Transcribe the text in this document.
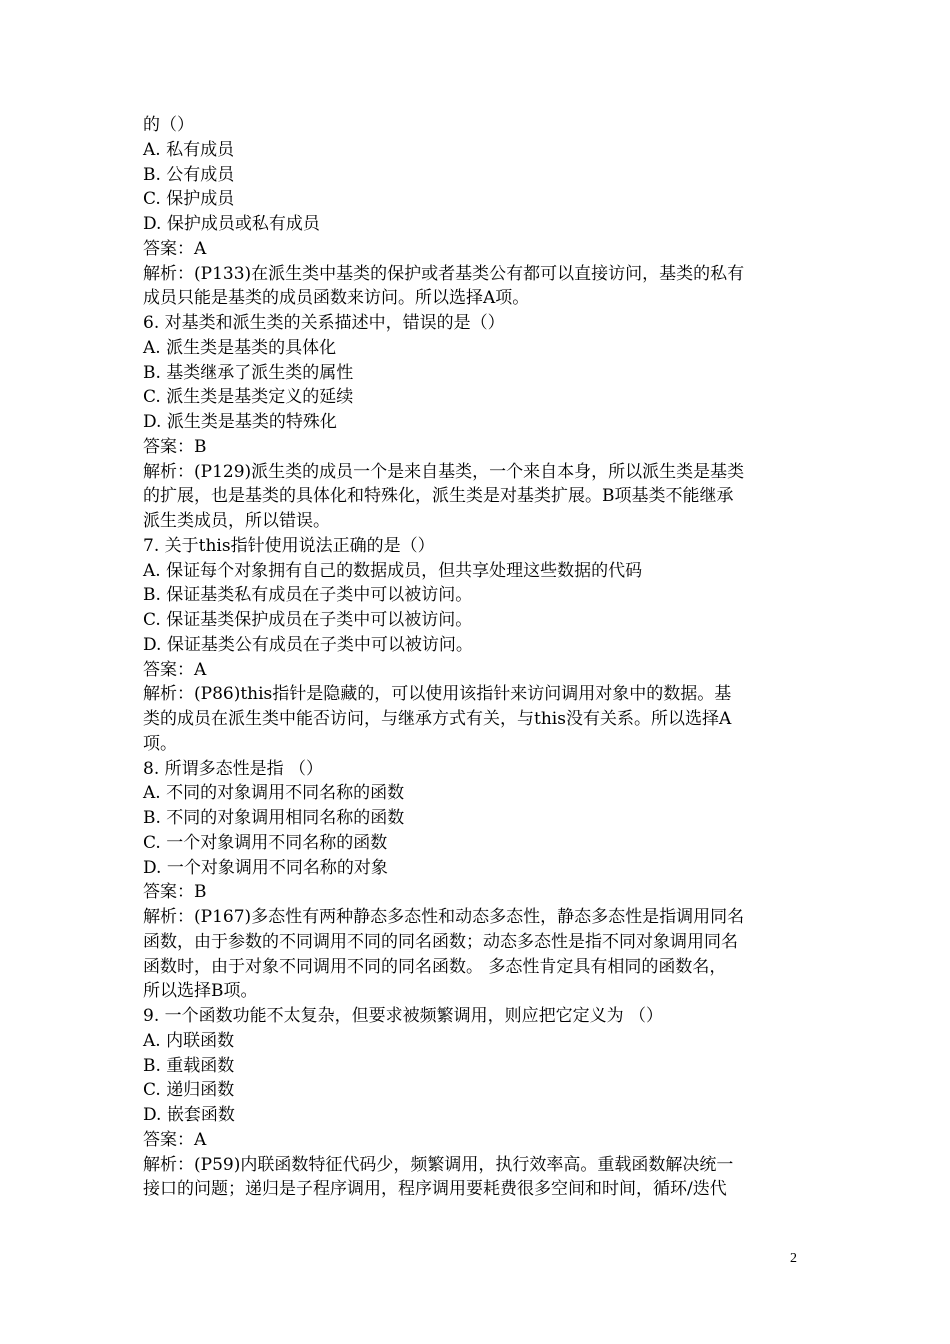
的（）
A. 私有成员
B. 公有成员
C. 保护成员
D. 保护成员或私有成员
答案：A
解析：(P133)在派生类中基类的保护或者基类公有都可以直接访问，基类的私有
成员只能是基类的成员函数来访问。所以选择A项。
6. 对基类和派生类的关系描述中，错误的是（）
A. 派生类是基类的具体化
B. 基类继承了派生类的属性
C. 派生类是基类定义的延续
D. 派生类是基类的特殊化
答案：B
解析：(P129)派生类的成员一个是来自基类，一个来自本身，所以派生类是基类
的扩展，也是基类的具体化和特殊化，派生类是对基类扩展。B项基类不能继承
派生类成员，所以错误。
7. 关于this指针使用说法正确的是（）
A. 保证每个对象拥有自己的数据成员，但共享处理这些数据的代码
B. 保证基类私有成员在子类中可以被访问。
C. 保证基类保护成员在子类中可以被访问。
D. 保证基类公有成员在子类中可以被访问。
答案：A
解析：(P86)this指针是隐藏的，可以使用该指针来访问调用对象中的数据。基
类的成员在派生类中能否访问，与继承方式有关，与this没有关系。所以选择A
项。
8. 所谓多态性是指 （）
A. 不同的对象调用不同名称的函数
B. 不同的对象调用相同名称的函数
C. 一个对象调用不同名称的函数
D. 一个对象调用不同名称的对象
答案：B
解析：(P167)多态性有两种静态多态性和动态多态性，静态多态性是指调用同名
函数，由于参数的不同调用不同的同名函数；动态多态性是指不同对象调用同名
函数时，由于对象不同调用不同的同名函数。 多态性肯定具有相同的函数名，
所以选择B项。
9. 一个函数功能不太复杂，但要求被频繁调用，则应把它定义为 （）
A. 内联函数
B. 重载函数
C. 递归函数
D. 嵌套函数
答案：A
解析：(P59)内联函数特征代码少，频繁调用，执行效率高。重载函数解决统一
接口的问题；递归是子程序调用，程序调用要耗费很多空间和时间，循环/迭代
2
